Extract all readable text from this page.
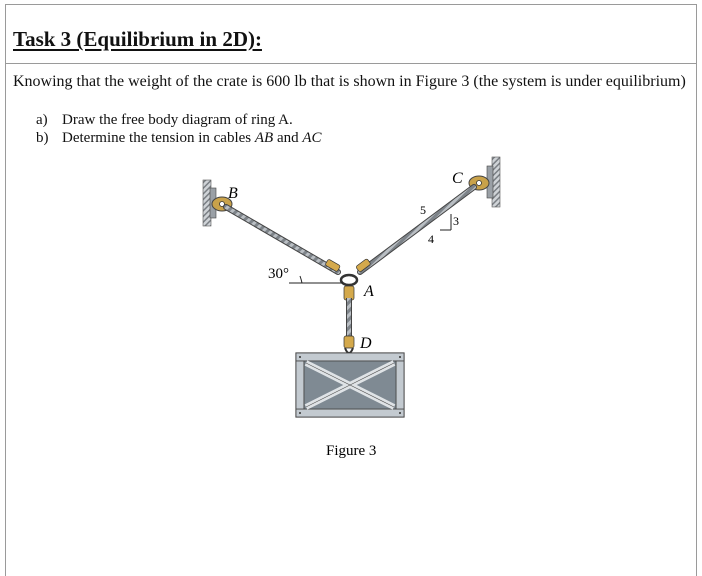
Task 3 (Equilibrium in 2D):
Knowing that the weight of the crate is 600 lb that is shown in Figure 3 (the system is under equilibrium)
a) Draw the free body diagram of ring A.
b) Determine the tension in cables AB and AC
B
C
A
D
30°
5
3
4
Figure 3
